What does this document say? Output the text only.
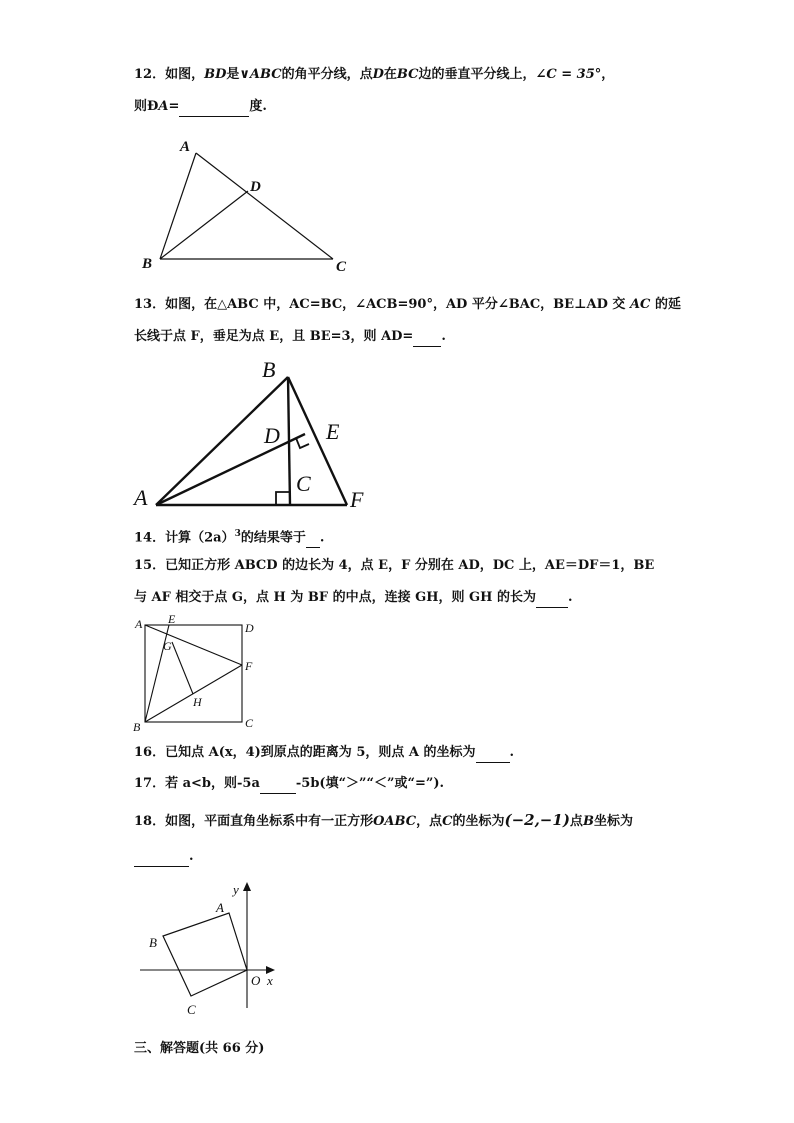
12．如图，BD是∨ABC的角平分线，点D在BC边的垂直平分线上，∠C = 35°，
则ÐA=	度.
A
D
B	C
13．如图，在△ABC 中，AC=BC，∠ACB=90°，AD 平分∠BAC，BE⊥AD 交 AC 的延
长线于点 F，垂足为点 E，且 BE=3，则 AD= .
B
D E
C
A	F
14．计算$(2a)^3$的结果等于 .
15．已知正方形 ABCD 的边长为 4，点 E，F 分别在 AD，DC 上，AE＝DF＝1，BE
与 AF 相交于点 G，点 H 为 BF 的中点，连接 GH，则 GH 的长为 .
A E
D
G
F
H
B	C
16．已知点 A(x，4)到原点的距离为 5，则点 A 的坐标为	.
17．若 a<b，则-5a	-5b(填“＞”“＜”或“=”).
18．如图，平面直角坐标系中有一正方形OABC，点C的坐标为(−2,−1)点B坐标为
.
A
B
C
O x
y
三、解答题(共 66 分)
